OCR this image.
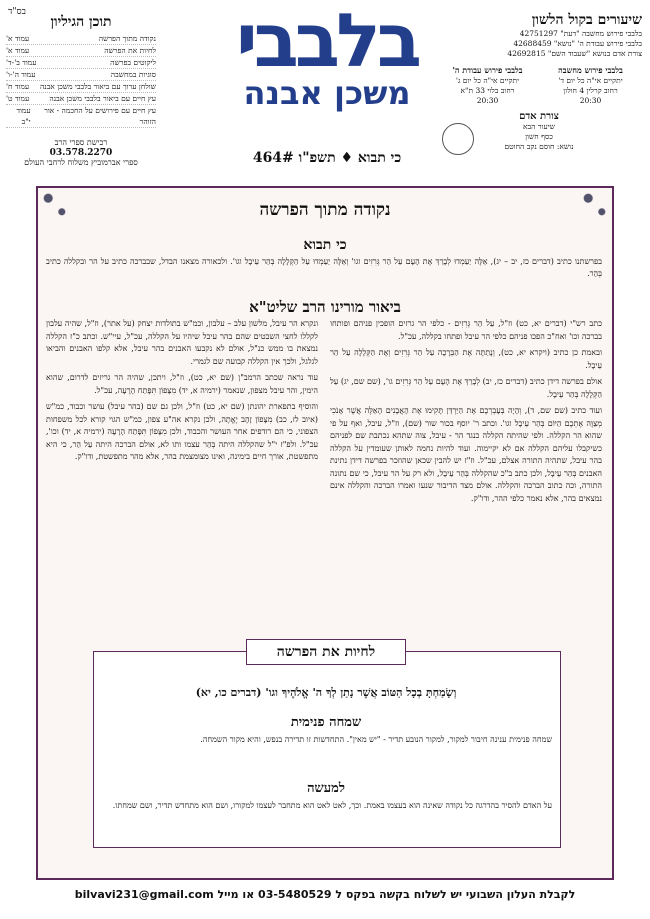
בס"ד
תוכן הגיליון
נקודה מתוך הפרשה
עמוד א'
לחיות את הפרשה
עמוד א'
ליקוטים בפרשה
עמוד ב'-ד'
סוגיות במחשבה
עמוד ה'-ו'
שולחן ערוך עם ביאור בלבבי משכן אבנה
עמוד ח'
עץ חיים עם ביאור בלבבי משכן אבנה
עמוד ט'
עץ חיים עם פירושים על החכמה - אור הזוהר
עמוד י"ב
רכישת ספרי הרב
03.578.2270
ספרי אברמוביץ משלוח לרחבי העולם
בלבבי
משכן אבנה
כי תבוא ♦ תשפ"ו 464#
שיעורים בקול הלשון
בלבבי פירוש מחשבה "דעת" 42751297
בלבבי פירוש עבודת ה' "נושא" 42688459
צורת אדם בנושא "שעבוד השם" 42692815
בלבבי פירוש מחשבה
יתקיים אי"ה כל יום ד'
רחוב קרלין 4 חולון
20:30
בלבבי פירוש עבודת ה'
יתקיים אי"ה כל יום ג'
רחוב בלוי 33 ת"א
20:30
צורת אדם
שיעור הבא
כסף חשון
נושא: חוסם נקב החוטם
נקודה מתוך הפרשה
כי תבוא
בפרשתנו כתיב (דברים כז, יב – יג), אֵלֶּה יַעַמְדוּ לְבָרֵךְ אֶת הָעָם עַל הַר גְּרִזִים וגו' וְאֵלֶּה יַעַמְדוּ עַל הַקְּלָלָה בְּהַר עֵיבָל וגו'. ולכאורה מצאנו הבדל, שבברכה כתיב על הר ובקללה כתיב בְּהַר.
ביאור מורינו הרב שליט"א

כתב רש"י (דברים יא, כט) וז"ל, עַל הַר גְּרִזִים - כלפי הר גרזים הופכין פניהם ופותחו בברכה וכו' ואח"כ הפכו פניהם כלפי הר עיבל ופתחו בקללה, עכ"ל.

ובאמת כן כתיב (ויקרא יא, כט), וְנָתַתָּה אֶת הַבְּרָכָה עַל הַר גְּרִזִים וְאֶת הַקְּלָלָה עַל הַר עֵיבָל.

אולם בפרשה דידן כתיב (דברים כז, יב) לְבָרֵךְ אֶת הָעָם עַל הַר גְּרִזִים גו', (שם שם, יג) עַל הַקְּלָלָה בְּהַר עֵיבָל.

ועוד כתיב (שם שם, ד), וְהָיָה בְּעָבְרְכֶם אֶת הַיַּרְדֵּן תָּקִימוּ אֶת הָאֲבָנִים הָאֵלֶּה אֲשֶׁר אָנֹכִי מְצַוֶּה אֶתְכֶם הַיּוֹם בְּהַר עֵיבָל וגו'. וכתב ר' יוסף בכור שור (שם), וז"ל, עיבל, ואף על פי שהוא הר הקללה. ולפי שהיתה הקללה כנגד הר - עיבל, צוה שתהא נכתבת שם לפניהם כשיקבלו עליהם הקללה אם לא יקיימוה. ועוד להיות נחמה לאותן שעומדין על הקללה בהר עיבל, שתהיה התורה אצלם, עכ"ל. וז"ז יש להבין שכאן שהוזכר בפרשה דידן נתינת האבנים בְּהַר עֵיבָל, ולכן כתב ב"כ שהקללה בְּהַר עֵיבָל, ולא רק על הר עיבל, כי שם נתונה התורה, וכה כתוב הברכה והקללה. אולם מצד הדיבור שנעו ואמרו הברכה והקללה אינם נמצאים בהר, אלא נאמר כלפי ההר, ודו"ק.

ונקרא הר עיבל, מלשון עלב – עלבון, וכמ"ש בתולדות יצחק (על אתר), וז"ל, שהיה עלבון לקללו לחצי השבטים שהם בהר עיבל שיהיו על הקללה, עכ"ל, עיי"ש. וכתב כ"ז הקללה נמצאת בו ממש כנ"ל, אולם לא נקבעו האבנים בהר עיבל, אלא קלפו האבנים והביאו לגלגל, ולכך אין הקללה קבועה שם לגמרי.

עוד נראה שכתב הרמב"ן (שם יא, כט), וז"ל, ויתכן, שהיה הר גריזים לדרום, שהוא הימין, והר עיבל מצפון, שנאמר (ירמיה א, יד) מִצָּפוֹן תִּפָּתַח הָרָעָה, עכ"ל.

והוסיף בתפארת יהונתן (שם יא, כט) וז"ל, ולכן גם שם (בהר עיבל) עושר וכבוד, כמ"ש (איוב לז, כב) מִצָּפוֹן זָהָב יֶאֱתֶה, ולכן נקרא אה"ע צפון, כמ"ש הגוי קורא לכל משפחות הצפוני, כי הם רודפים אחר העושר והכבוד, ולכן מִצָּפוֹן תִּפָּתַח הָרָעָה (ירמיה א, יד) וכו', עכ"ל. ולפ"ז י"ל שהקללה היתה בְּהַר עצמו ותו לא, אולם הברכה היתה עַל הַר, כי היא מתפשטת, אורך חיים בימינה, ואינו מצומצמת בהר, אלא מהר מתפשטת, ודו"ק.

לחיות את הפרשה
וְשָׂמַחְתָּ בְכָל הַטּוֹב אֲשֶׁר נָתַן לְךָ ה' אֱלֹהֶיךָ וגו' (דברים כו, יא)
שמחה פנימית
שמחה פנימית ענינה חיבור למקור, למקור הנובע תדיר - "יש מאין". התחדשות זו תדירה בנפש, והיא מקור השמחה.
למעשה
על האדם להסיר בהדרגה כל נקודה שאינה הוא בעצמו באמת. וכך, לאט לאט הוא מתחבר לעצמו למקורו, ושם הוא מתחדש תדיר, ושם שמחתו.
לקבלת העלון השבועי יש לשלוח בקשה בפקס ל 03-5480529 או מייל bilvavi231@gmail.com
